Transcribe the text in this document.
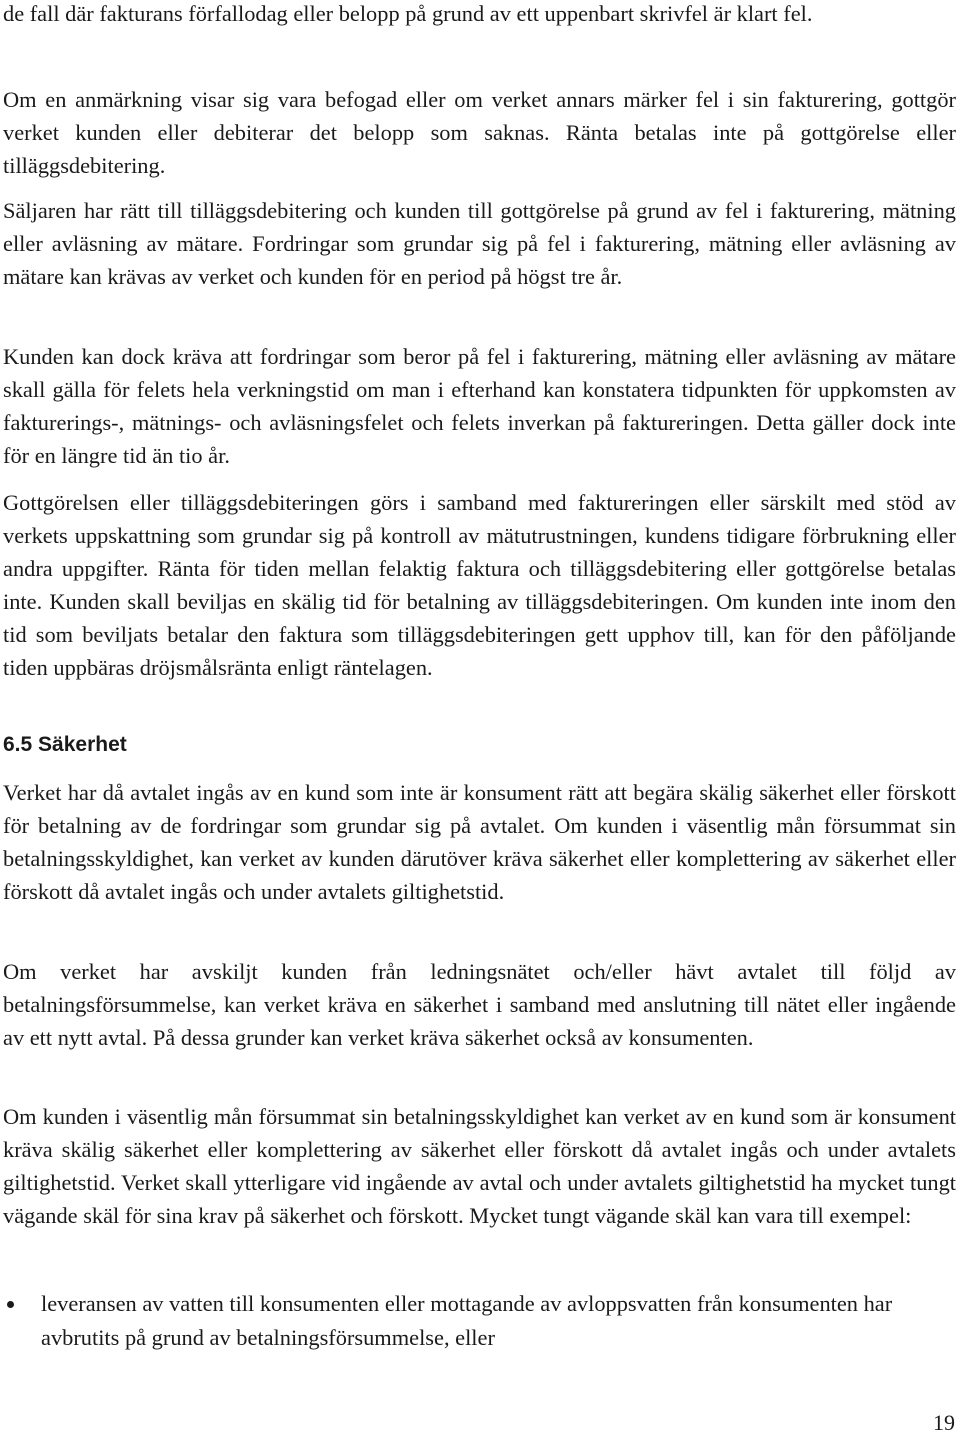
de fall där fakturans förfallodag eller belopp på grund av ett uppenbart skrivfel är klart fel.

Om en anmärkning visar sig vara befogad eller om verket annars märker fel i sin fakturering, gottgör verket kunden eller debiterar det belopp som saknas. Ränta betalas inte på gottgörelse eller tilläggsdebitering.

Säljaren har rätt till tilläggsdebitering och kunden till gottgörelse på grund av fel i fakturering, mätning eller avläsning av mätare. Fordringar som grundar sig på fel i fakturering, mätning eller avläsning av mätare kan krävas av verket och kunden för en period på högst tre år.

Kunden kan dock kräva att fordringar som beror på fel i fakturering, mätning eller avläsning av mätare skall gälla för felets hela verkningstid om man i efterhand kan konstatera tidpunkten för uppkomsten av fakturerings-, mätnings- och avläsningsfelet och felets inverkan på faktureringen. Detta gäller dock inte för en längre tid än tio år.

Gottgörelsen eller tilläggsdebiteringen görs i samband med faktureringen eller särskilt med stöd av verkets uppskattning som grundar sig på kontroll av mätutrustningen, kundens tidigare förbrukning eller andra uppgifter. Ränta för tiden mellan felaktig faktura och tilläggsdebitering eller gottgörelse betalas inte. Kunden skall beviljas en skälig tid för betalning av tilläggsdebiteringen. Om kunden inte inom den tid som beviljats betalar den faktura som tilläggsdebiteringen gett upphov till, kan för den påföljande tiden uppbäras dröjsmålsränta enligt räntelagen.

6.5 Säkerhet

Verket har då avtalet ingås av en kund som inte är konsument rätt att begära skälig säkerhet eller förskott för betalning av de fordringar som grundar sig på avtalet. Om kunden i väsentlig mån försummat sin betalningsskyldighet, kan verket av kunden därutöver kräva säkerhet eller komplettering av säkerhet eller förskott då avtalet ingås och under avtalets giltighetstid.

Om verket har avskiljt kunden från ledningsnätet och/eller hävt avtalet till följd av betalningsförsummelse, kan verket kräva en säkerhet i samband med anslutning till nätet eller ingående av ett nytt avtal. På dessa grunder kan verket kräva säkerhet också av konsumenten.

Om kunden i väsentlig mån försummat sin betalningsskyldighet kan verket av en kund som är konsument kräva skälig säkerhet eller komplettering av säkerhet eller förskott då avtalet ingås och under avtalets giltighetstid. Verket skall ytterligare vid ingående av avtal och under avtalets giltighetstid ha mycket tungt vägande skäl för sina krav på säkerhet och förskott. Mycket tungt vägande skäl kan vara till exempel:

leveransen av vatten till konsumenten eller mottagande av avloppsvatten från konsumenten har avbrutits på grund av betalningsförsummelse, eller
19
